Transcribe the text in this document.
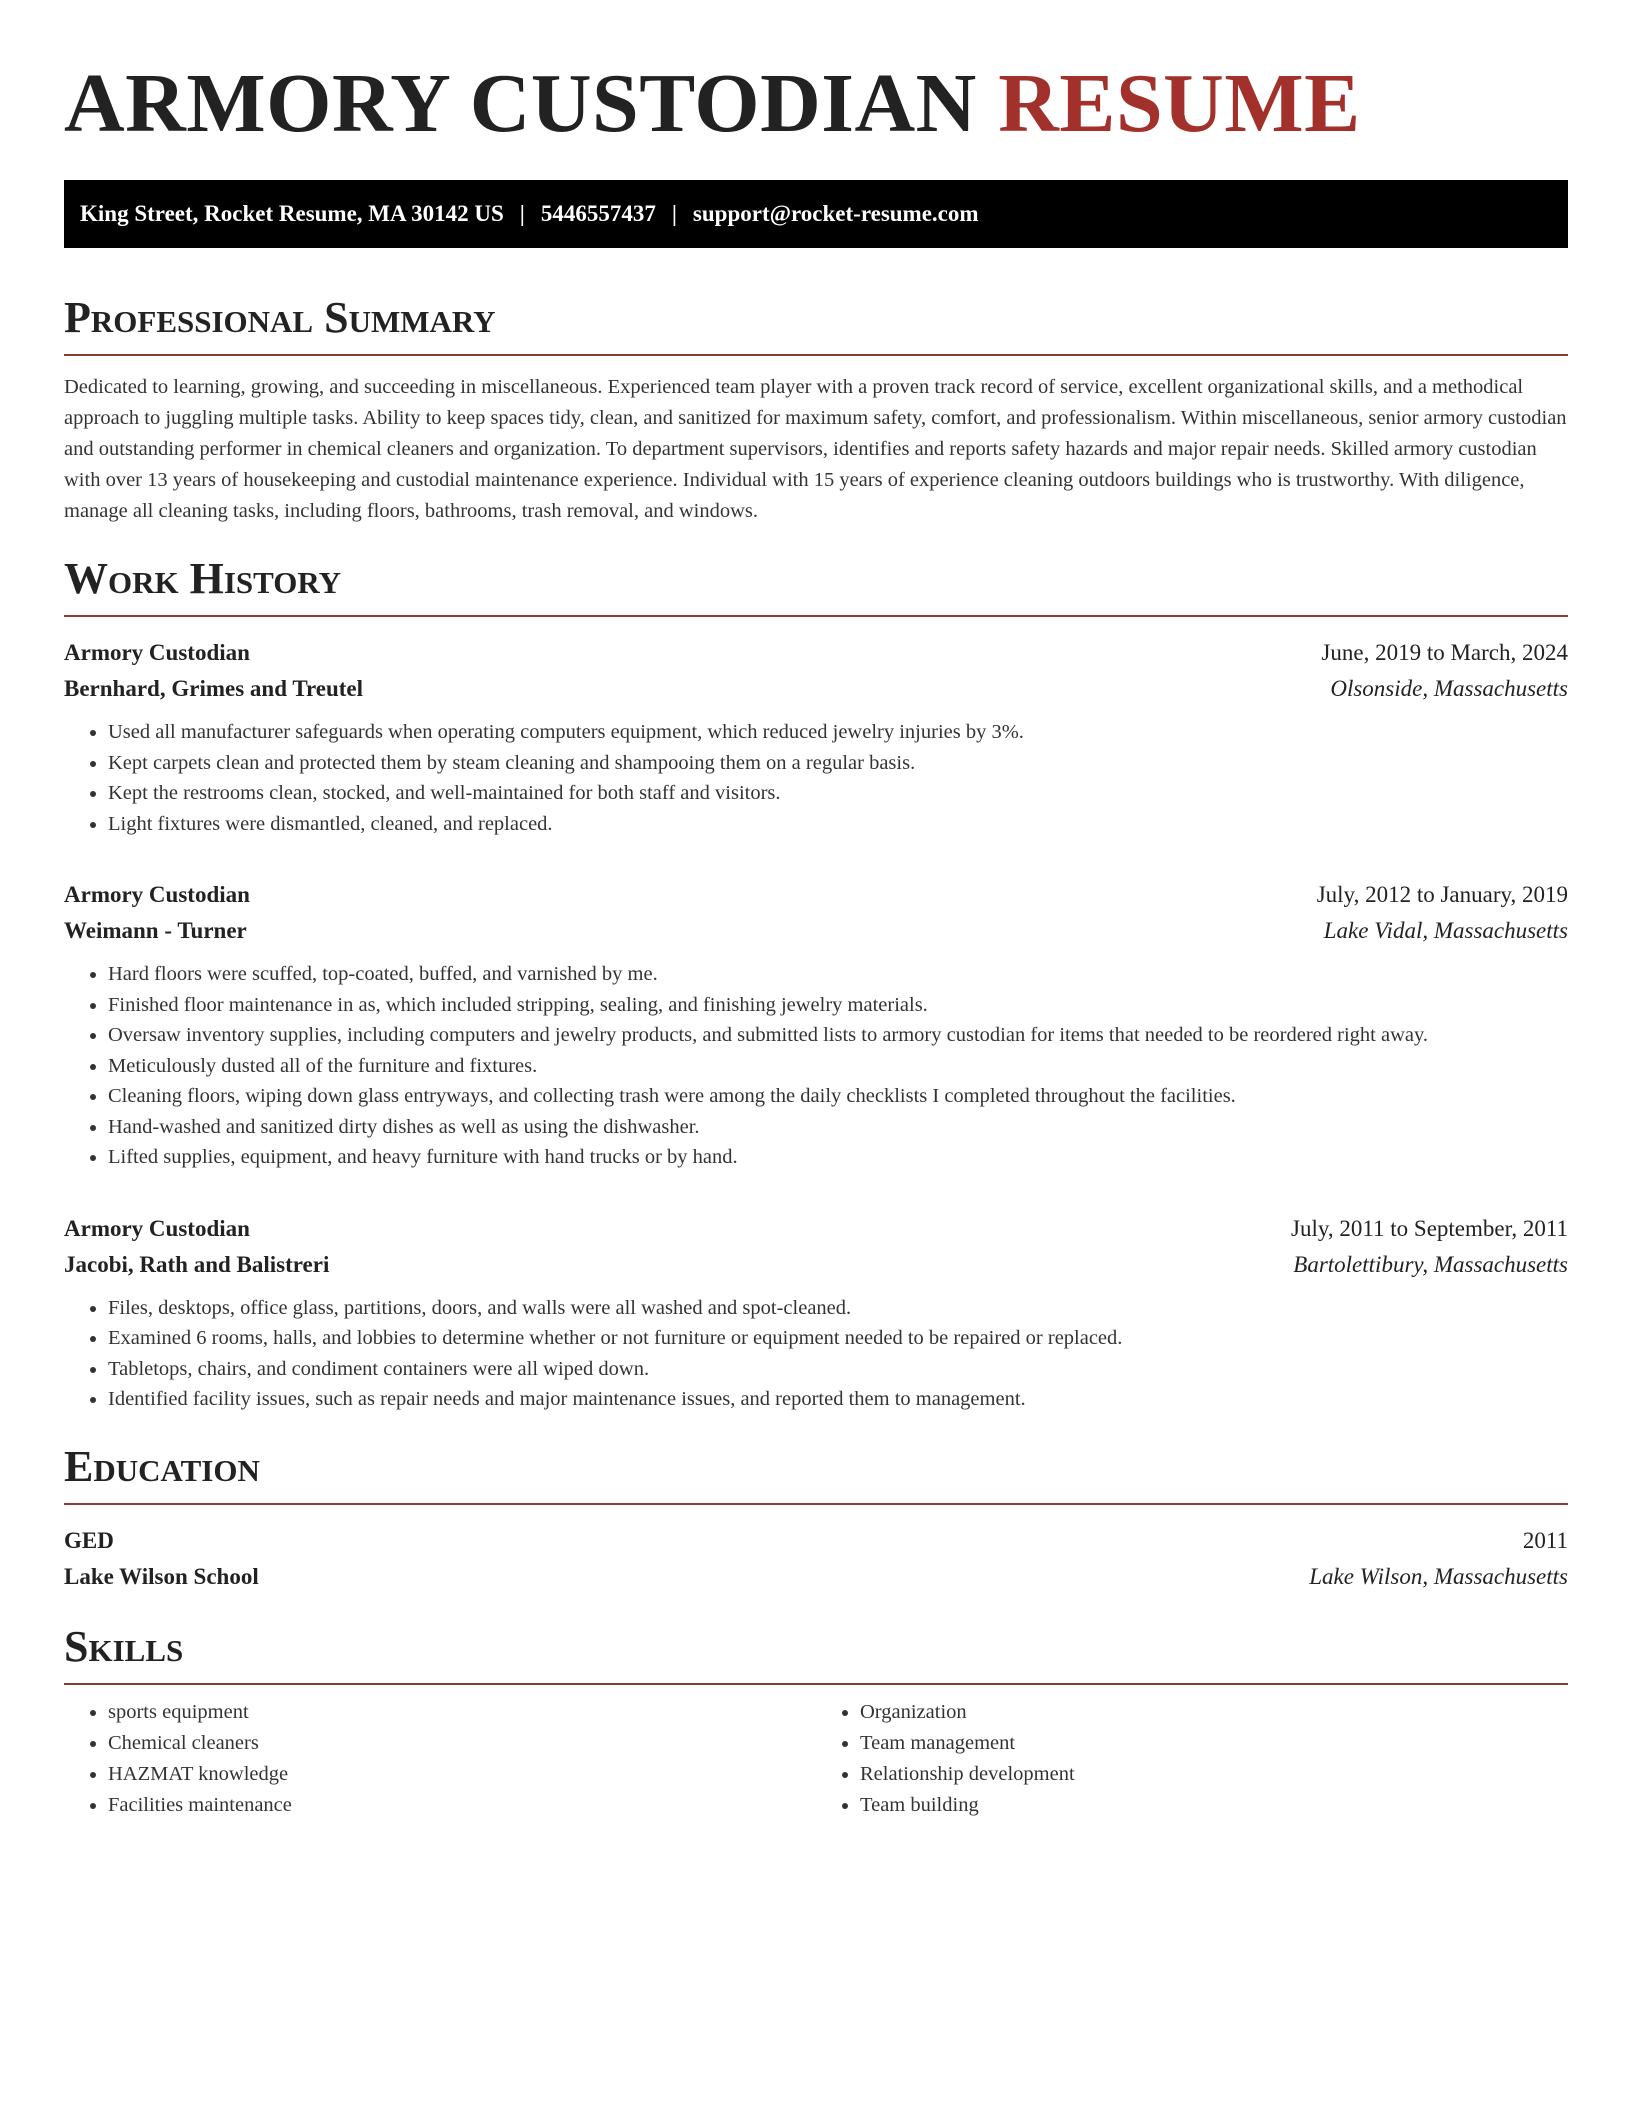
ARMORY CUSTODIAN RESUME
King Street, Rocket Resume, MA 30142 US | 5446557437 | support@rocket-resume.com
Professional Summary

Dedicated to learning, growing, and succeeding in miscellaneous. Experienced team player with a proven track record of service, excellent organizational skills, and a methodical approach to juggling multiple tasks. Ability to keep spaces tidy, clean, and sanitized for maximum safety, comfort, and professionalism. Within miscellaneous, senior armory custodian and outstanding performer in chemical cleaners and organization. To department supervisors, identifies and reports safety hazards and major repair needs. Skilled armory custodian with over 13 years of housekeeping and custodial maintenance experience. Individual with 15 years of experience cleaning outdoors buildings who is trustworthy. With diligence, manage all cleaning tasks, including floors, bathrooms, trash removal, and windows.

Work History
Armory Custodian	June, 2019 to March, 2024
Bernhard, Grimes and Treutel	Olsonside, Massachusetts
• Used all manufacturer safeguards when operating computers equipment, which reduced jewelry injuries by 3%.
• Kept carpets clean and protected them by steam cleaning and shampooing them on a regular basis.
• Kept the restrooms clean, stocked, and well-maintained for both staff and visitors.
• Light fixtures were dismantled, cleaned, and replaced.
Armory Custodian	July, 2012 to January, 2019
Weimann - Turner	Lake Vidal, Massachusetts
• Hard floors were scuffed, top-coated, buffed, and varnished by me.
• Finished floor maintenance in as, which included stripping, sealing, and finishing jewelry materials.
• Oversaw inventory supplies, including computers and jewelry products, and submitted lists to armory custodian for items that needed to be reordered right away.
• Meticulously dusted all of the furniture and fixtures.
• Cleaning floors, wiping down glass entryways, and collecting trash were among the daily checklists I completed throughout the facilities.
• Hand-washed and sanitized dirty dishes as well as using the dishwasher.
• Lifted supplies, equipment, and heavy furniture with hand trucks or by hand.
Armory Custodian	July, 2011 to September, 2011
Jacobi, Rath and Balistreri	Bartolettibury, Massachusetts
• Files, desktops, office glass, partitions, doors, and walls were all washed and spot-cleaned.
• Examined 6 rooms, halls, and lobbies to determine whether or not furniture or equipment needed to be repaired or replaced.
• Tabletops, chairs, and condiment containers were all wiped down.
• Identified facility issues, such as repair needs and major maintenance issues, and reported them to management.
Education
GED	2011
Lake Wilson School	Lake Wilson, Massachusetts
Skills
• sports equipment
• Chemical cleaners
• HAZMAT knowledge
• Facilities maintenance
• Organization
• Team management
• Relationship development
• Team building
